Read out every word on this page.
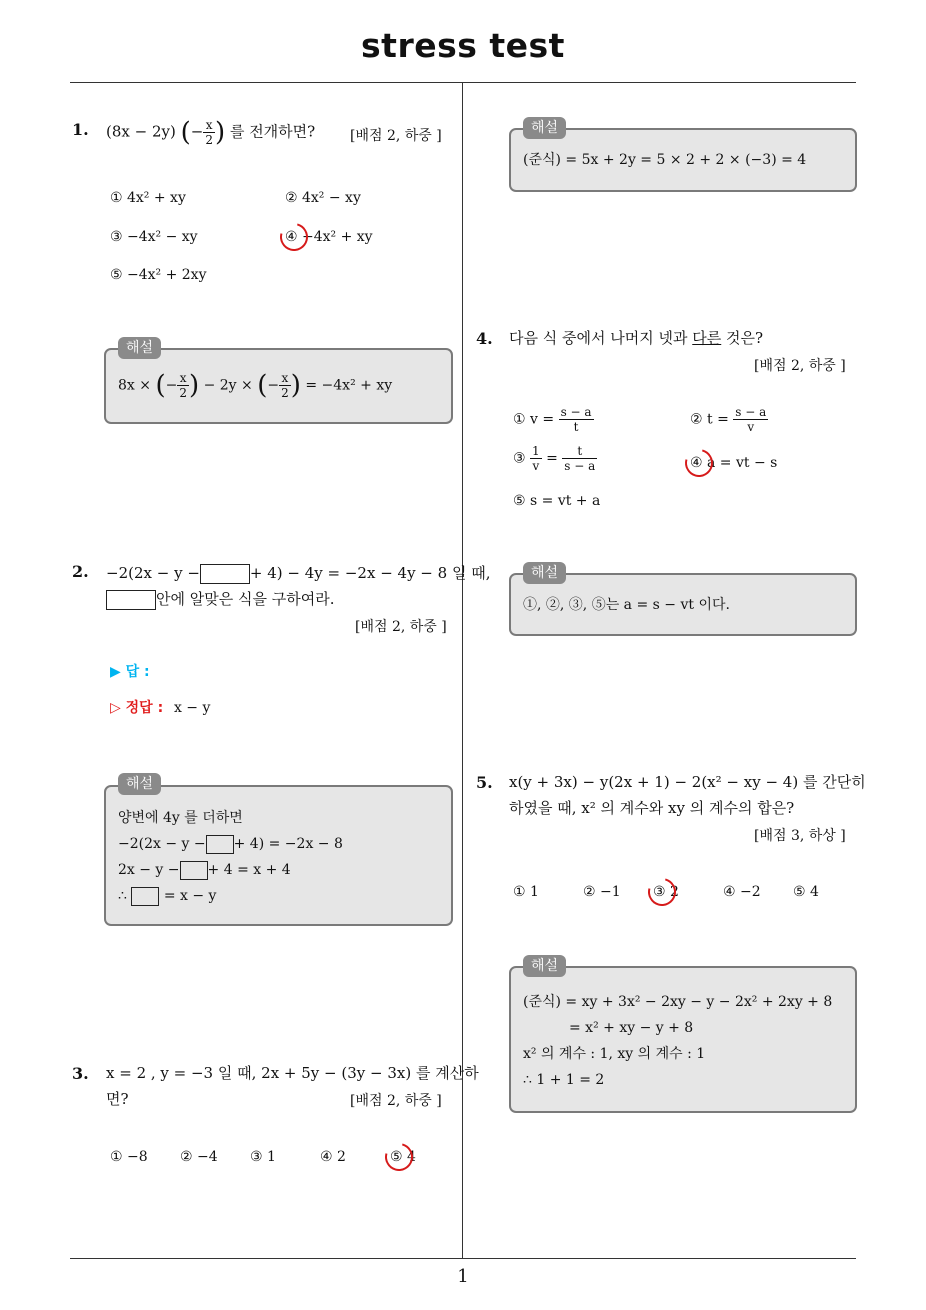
stress test
1. (8x − 2y) (− $\frac{x}{2}$ ) 를 전개하면? [배점 2, 하중 ]
① 4x² + xy	② 4x² − xy
③ −4x² − xy	④ −4x² + xy
⑤ −4x² + 2xy
8x × (− $\frac{x}{2}$ ) − 2y × (− $\frac{x}{2}$ ) = −4x² + xy
해설
2. −2(2x − y −	+ 4) − 4y = −2x − 4y − 8 일 때,
안에 알맞은 식을 구하여라.
[배점 2, 하중 ]
▶ 답 :
▷ 정답 : x − y
양변에 4y 를 더하면
−2(2x − y − + 4) = −2x − 8
2x − y − + 4 = x + 4
∴	= x − y
해설
3. x = 2 , y = −3 일 때, 2x + 5y − (3y − 3x) 를 계산하
면?	[배점 2, 하중 ]
① −8 ② −4 ③ 1	④ 2	⑤ 4
(준식) = 5x + 2y = 5 × 2 + 2 × (−3) = 4
해설
4. 다음 식 중에서 나머지 넷과 다른 것은?
[배점 2, 하중 ]
① $v = \frac{s - a}{t}$	② $t = \frac{s - a}{v}$
③ $\frac{1}{v} = \frac{t}{s - a}$	④ a = vt − s
⑤ s = vt + a
①, ②, ③, ⑤는 a = s − vt 이다.
해설
5. x(y + 3x) − y(2x + 1) − 2(x² − xy − 4) 를 간단히
하였을 때, x² 의 계수와 xy 의 계수의 합은?
[배점 3, 하상 ]
① 1	② −1 ③ 2	④ −2 ⑤ 4
(준식) = xy + 3x² − 2xy − y − 2x² + 2xy + 8
= x² + xy − y + 8
x² 의 계수 : 1, xy 의 계수 : 1
∴ 1 + 1 = 2
해설
1
